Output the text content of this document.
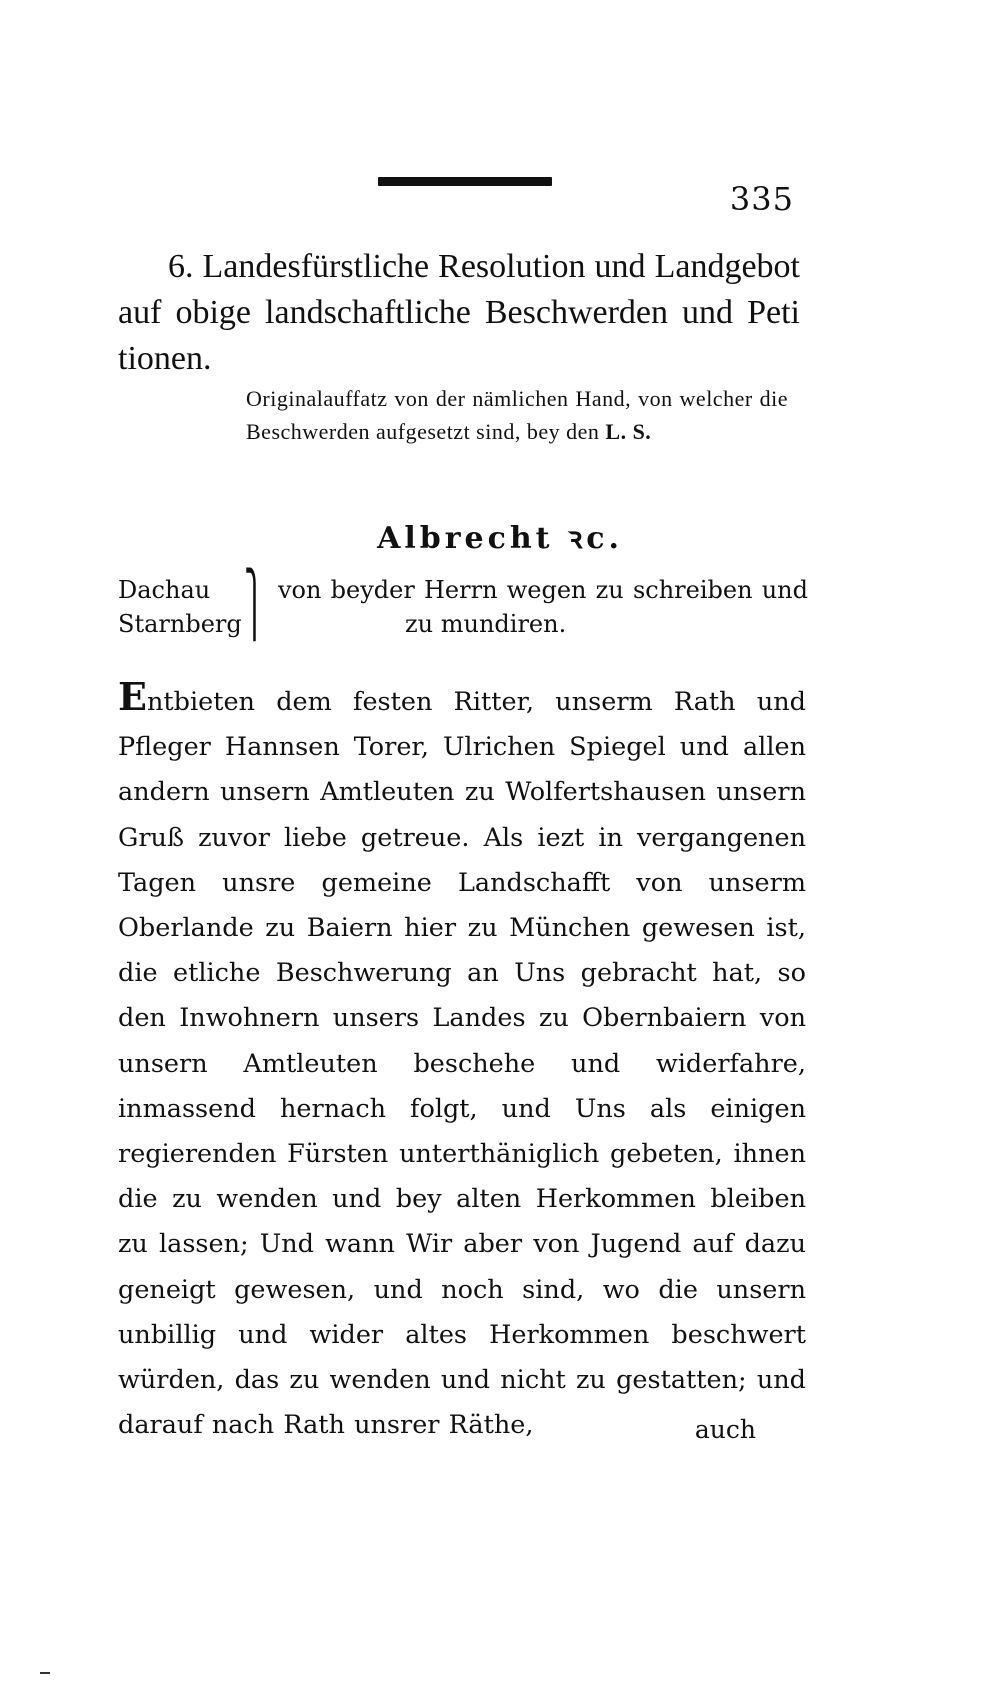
335

6. Landesfürstliche Resolution und Landgebot auf obige landschaftliche Beschwerden und Peti tionen.

Originalauffatz von der nämlichen Hand, von welcher die Beschwerden aufgesetzt sind, bey den L. S.

Albrecht ꝛc.
Dachau
Starnberg ⎫ von beyder Herrn wegen zu schreiben und
zu mundiren.

Entbieten dem festen Ritter, unserm Rath und Pfleger Hannsen Torer, Ulrichen Spiegel und allen andern unsern Amtleuten zu Wolfertshausen unsern Gruß zuvor liebe getreue. Als iezt in vergangenen Tagen unsre gemeine Landschafft von unserm Oberlande zu Baiern hier zu München gewesen ist, die etliche Beschwerung an Uns gebracht hat, so den Inwohnern unsers Landes zu Obernbaiern von unsern Amtleuten beschehe und widerfahre, inmassend hernach folgt, und Uns als einigen regierenden Fürsten unterthäniglich gebeten, ihnen die zu wenden und bey alten Herkommen bleiben zu lassen; Und wann Wir aber von Jugend auf dazu geneigt gewesen, und noch sind, wo die unsern unbillig und wider altes Herkommen beschwert würden, das zu wenden und nicht zu gestatten; und darauf nach Rath unsrer Räthe,	auch
